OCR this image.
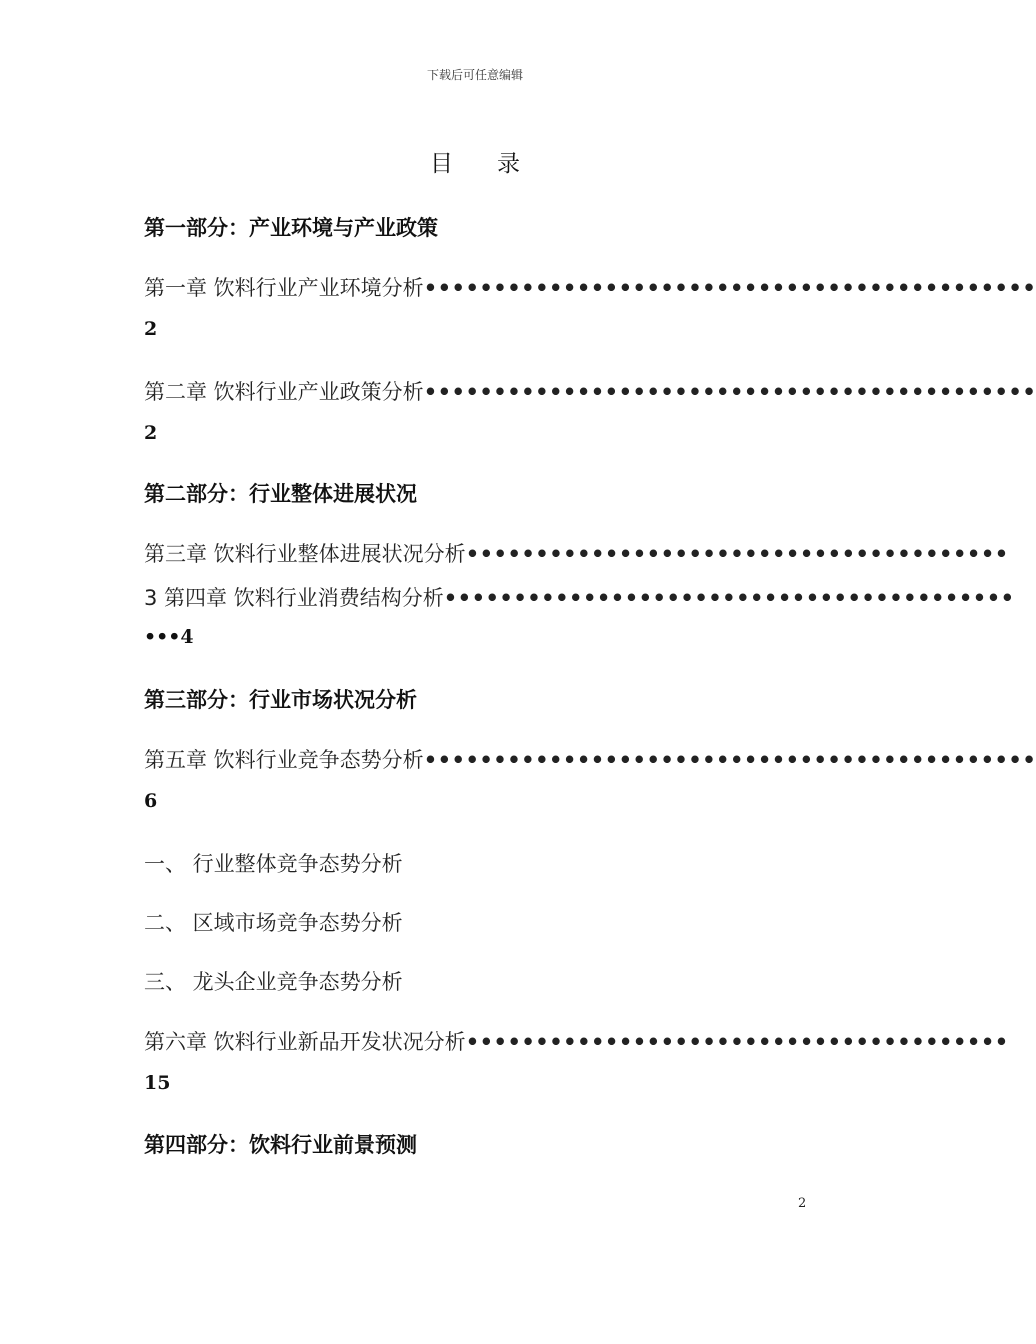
下载后可任意编辑
目录
第一部分：产业环境与产业政策
第一章 饮料行业产业环境分析••••••••••••••••••••••••••••••••••••••••••••
2
第二章 饮料行业产业政策分析••••••••••••••••••••••••••••••••••••••••••••
2
第二部分：行业整体进展状况
第三章 饮料行业整体进展状况分析•••••••••••••••••••••••••••••••••••••••
3 第四章 饮料行业消费结构分析•••••••••••••••••••••••••••••••••••••••••
•••4
第三部分：行业市场状况分析
第五章 饮料行业竞争态势分析••••••••••••••••••••••••••••••••••••••••••••
6
一、 行业整体竞争态势分析
二、 区域市场竞争态势分析
三、 龙头企业竞争态势分析
第六章 饮料行业新品开发状况分析•••••••••••••••••••••••••••••••••••••••
15
第四部分：饮料行业前景预测
2
